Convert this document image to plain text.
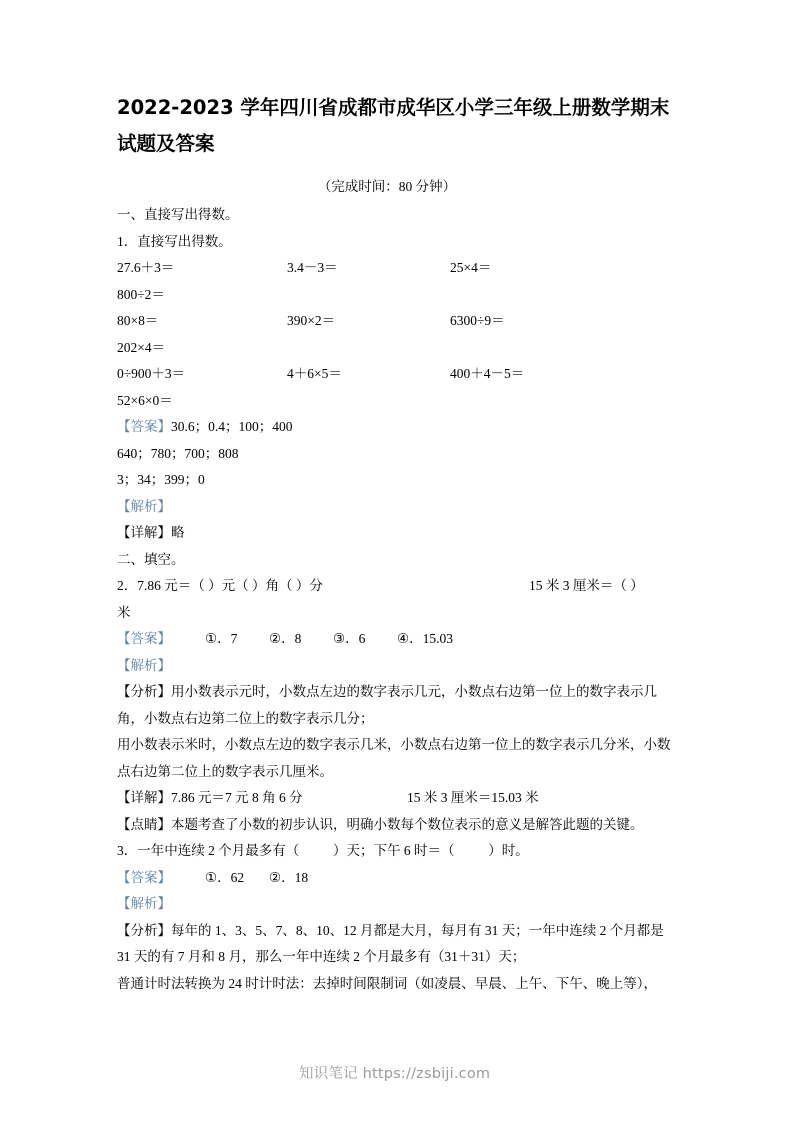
2022-2023 学年四川省成都市成华区小学三年级上册数学期末试题及答案
（完成时间：80 分钟）
一、直接写出得数。
1．直接写出得数。
27.6＋3＝	3.4－3＝	25×4＝
800÷2＝
80×8＝	390×2＝	6300÷9＝
202×4＝
0÷900＋3＝	4＋6×5＝	400＋4－5＝
52×6×0＝
【答案】30.6；0.4；100；400
640；780；700；808
3；34；399；0
【解析】
【详解】略
二、填空。
2．7.86 元＝（ ）元（ ）角（ ）分	15 米 3 厘米＝（ ）
米
【答案】	①．7 ②．8 ③．6 ④．15.03
【解析】
【分析】用小数表示元时，小数点左边的数字表示几元，小数点右边第一位上的数字表示几角，小数点右边第二位上的数字表示几分；
用小数表示米时，小数点左边的数字表示几米，小数点右边第一位上的数字表示几分米，小数点右边第二位上的数字表示几厘米。
【详解】7.86 元＝7 元 8 角 6 分	15 米 3 厘米＝15.03 米
【点睛】本题考查了小数的初步认识，明确小数每个数位表示的意义是解答此题的关键。
3．一年中连续 2 个月最多有（          ）天；下午 6 时＝（          ）时。
【答案】	①．62 ②．18
【解析】
【分析】每年的 1、3、5、7、8、10、12 月都是大月，每月有 31 天；一年中连续 2 个月都是 31 天的有 7 月和 8 月，那么一年中连续 2 个月最多有（31＋31）天；
普通计时法转换为 24 时计时法：去掉时间限制词（如凌晨、早晨、上午、下午、晚上等），
知识笔记 https://zsbiji.com
